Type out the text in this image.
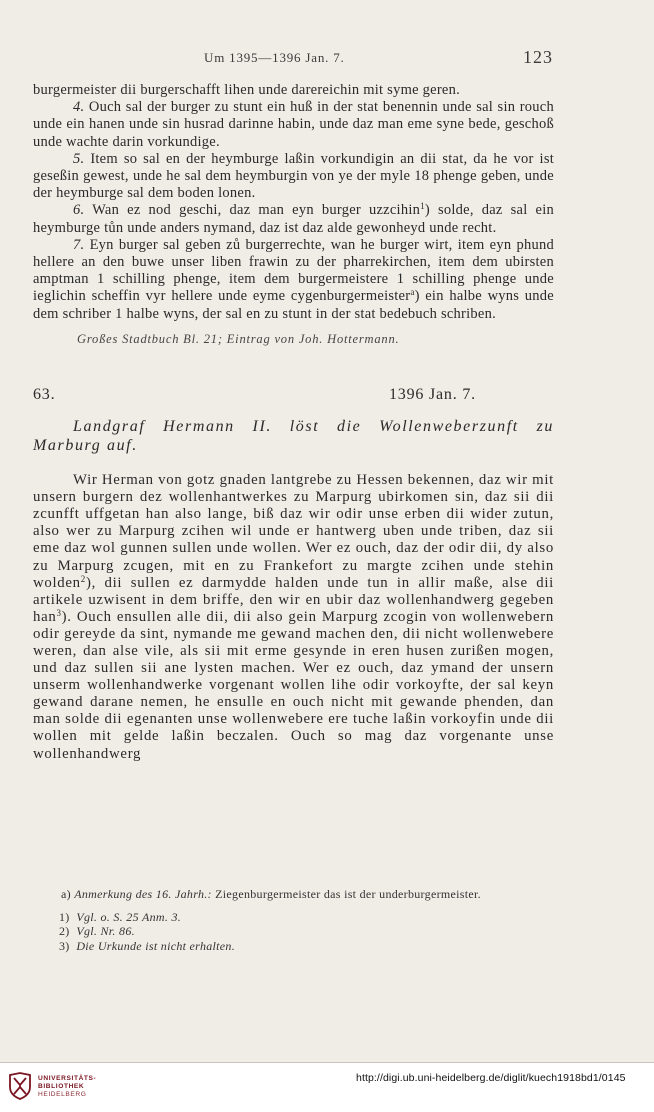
Um 1395—1396 Jan. 7.	123

burgermeister dii burgerschafft lihen unde darereichin mit syme geren.

4. Ouch sal der burger zu stunt ein huß in der stat benennin unde sal sin rouch unde ein hanen unde sin husrad darinne habin, unde daz man eme syne bede, geschoß unde wachte darin vorkundige.

5. Item so sal en der heymburge laßin vorkundigin an dii stat, da he vor ist geseßin gewest, unde he sal dem heymburgin von ye der myle 18 phenge geben, unde der heymburge sal dem boden lonen.

6. Wan ez nod geschi, daz man eyn burger uzzcihin$^1$) solde, daz sal ein heymburge tůn unde anders nymand, daz ist daz alde gewonheyd unde recht.

7. Eyn burger sal geben zů burgerrechte, wan he burger wirt, item eyn phund hellere an den buwe unser liben frawin zu der pharrekirchen, item dem ubirsten amptman 1 schilling phenge, item dem burgermeistere 1 schilling phenge unde ieglichin scheffin vyr hellere unde eyme cygenburgermeister$^a$) ein halbe wyns unde dem schriber 1 halbe wyns, der sal en zu stunt in der stat bedebuch schriben.

Großes Stadtbuch Bl. 21; Eintrag von Joh. Hottermann.

63.	1396 Jan. 7.

Landgraf Hermann II. löst die Wollenweberzunft zu Marburg auf.

Wir Herman von gotz gnaden lantgrebe zu Hessen bekennen, daz wir mit unsern burgern dez wollenhantwerkes zu Marpurg ubirkomen sin, daz sii dii zcunfft uffgetan han also lange, biß daz wir odir unse erben dii wider zutun, also wer zu Marpurg zcihen wil unde er hantwerg uben unde triben, daz sii eme daz wol gunnen sullen unde wollen. Wer ez ouch, daz der odir dii, dy also zu Marpurg zcugen, mit en zu Frankefort zu margte zcihen unde stehin wolden$^2$), dii sullen ez darmydde halden unde tun in allir maße, alse dii artikele uzwisent in dem briffe, den wir en ubir daz wollenhandwerg gegeben han$^3$). Ouch ensullen alle dii, dii also gein Marpurg zcogin von wollenwebern odir gereyde da sint, nymande me gewand machen den, dii nicht wollenwebere weren, dan alse vile, als sii mit erme gesynde in eren husen zurißen mogen, und daz sullen sii ane lysten machen. Wer ez ouch, daz ymand der unsern unserm wollenhandwerke vorgenant wollen lihe odir vorkoyfte, der sal keyn gewand darane nemen, he ensulle en ouch nicht mit gewande phenden, dan man solde dii egenanten unse wollenwebere ere tuche laßin vorkoyfin unde dii wollen mit gelde laßin beczalen. Ouch so mag daz vorgenante unse wollenhandwerg

a) Anmerkung des 16. Jahrh.: Ziegenburgermeister das ist der underburgermeister.
1) Vgl. o. S. 25 Anm. 3.
2) Vgl. Nr. 86.
3) Die Urkunde ist nicht erhalten.
UNIVERSITÄTS-
BIBLIOTHEK
HEIDELBERG
http://digi.ub.uni-heidelberg.de/diglit/kuech1918bd1/0145
